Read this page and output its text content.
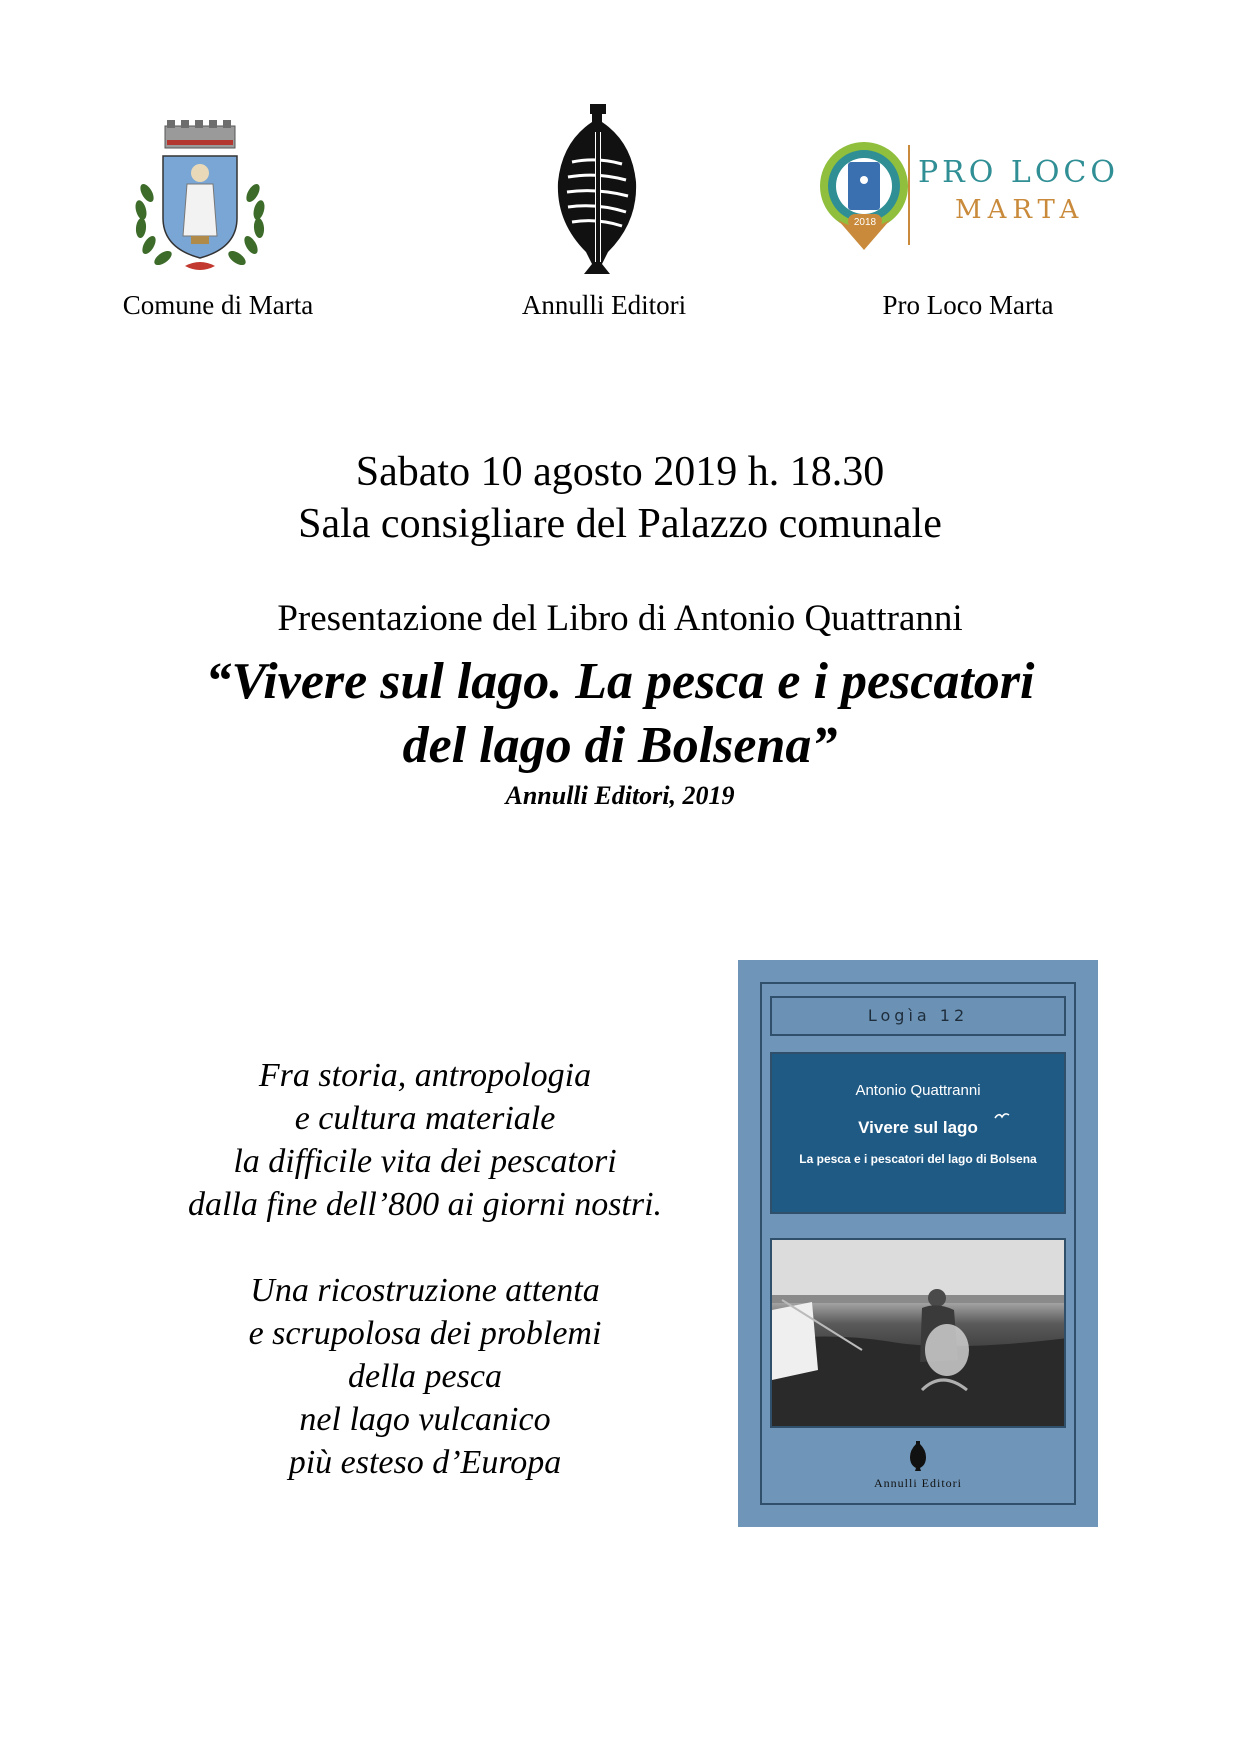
Comune di Marta	Annulli Editori
2018
PRO LOCO
MARTA
Pro Loco Marta
Sabato 10 agosto 2019 h. 18.30
Sala consigliare del Palazzo comunale
Presentazione del Libro di Antonio Quattranni
“Vivere sul lago. La pesca e i pescatori
del lago di Bolsena”
Annulli Editori, 2019
Fra storia, antropologia
e cultura materiale
la difficile vita dei pescatori
dalla fine dell’800 ai giorni nostri.
Una ricostruzione attenta
e scrupolosa dei problemi
della pesca
nel lago vulcanico
più esteso d’Europa
Logìa 12
Antonio Quattranni
Vivere sul lago
La pesca e i pescatori del lago di Bolsena
Annulli Editori
